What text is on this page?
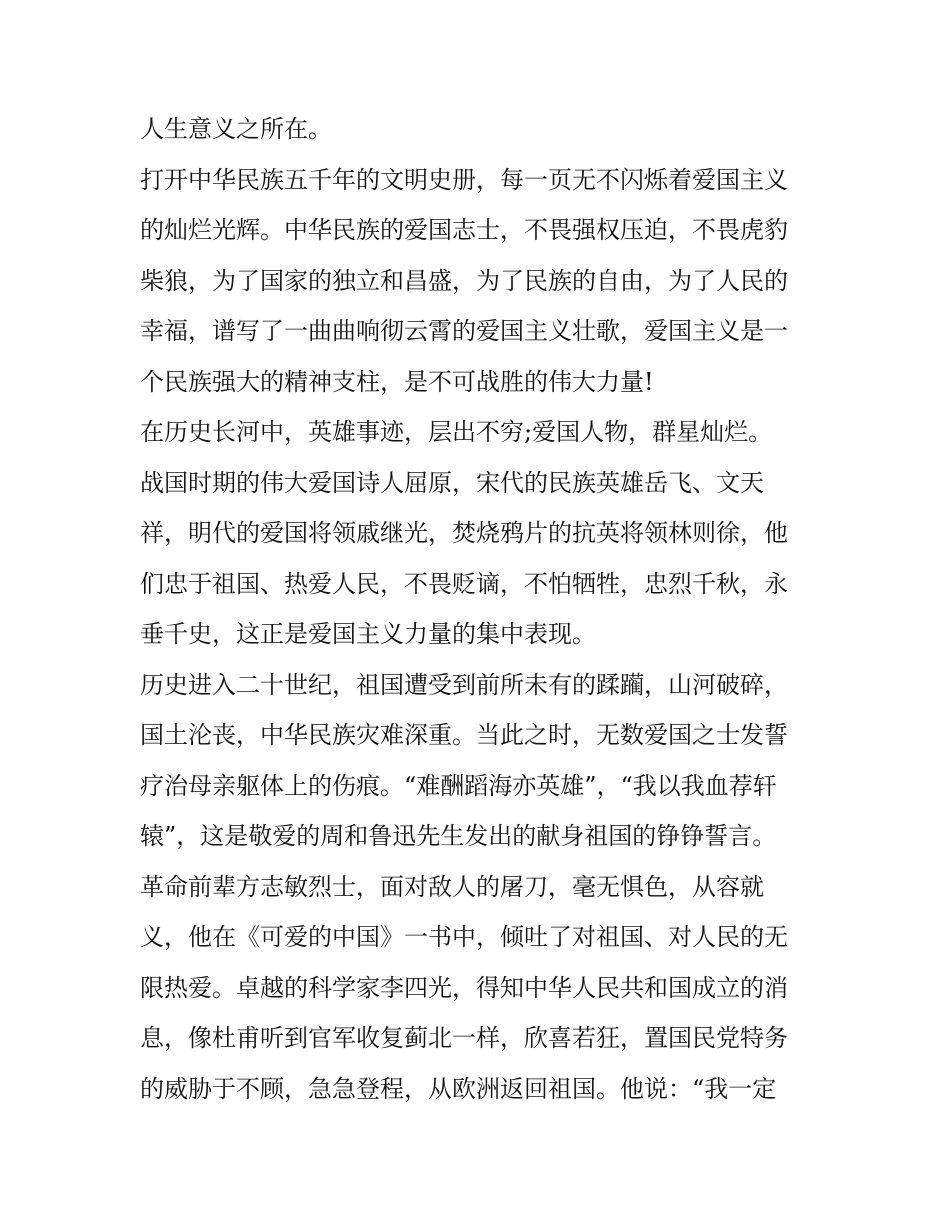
人生意义之所在。
打开中华民族五千年的文明史册，每一页无不闪烁着爱国主义
的灿烂光辉。中华民族的爱国志士，不畏强权压迫，不畏虎豹
柴狼，为了国家的独立和昌盛，为了民族的自由，为了人民的
幸福，谱写了一曲曲响彻云霄的爱国主义壮歌，爱国主义是一
个民族强大的精神支柱，是不可战胜的伟大力量!
在历史长河中，英雄事迹，层出不穷;爱国人物，群星灿烂。
战国时期的伟大爱国诗人屈原，宋代的民族英雄岳飞、文天
祥，明代的爱国将领戚继光，焚烧鸦片的抗英将领林则徐，他
们忠于祖国、热爱人民，不畏贬谪，不怕牺牲，忠烈千秋，永
垂千史，这正是爱国主义力量的集中表现。
历史进入二十世纪，祖国遭受到前所未有的蹂躏，山河破碎，
国土沦丧，中华民族灾难深重。当此之时，无数爱国之士发誓
疗治母亲躯体上的伤痕。“难酬蹈海亦英雄”，“我以我血荐轩
辕”，这是敬爱的周和鲁迅先生发出的献身祖国的铮铮誓言。
革命前辈方志敏烈士，面对敌人的屠刀，毫无惧色，从容就
义，他在《可爱的中国》一书中，倾吐了对祖国、对人民的无
限热爱。卓越的科学家李四光，得知中华人民共和国成立的消
息，像杜甫听到官军收复蓟北一样，欣喜若狂，置国民党特务
的威胁于不顾，急急登程，从欧洲返回祖国。他说：“我一定
